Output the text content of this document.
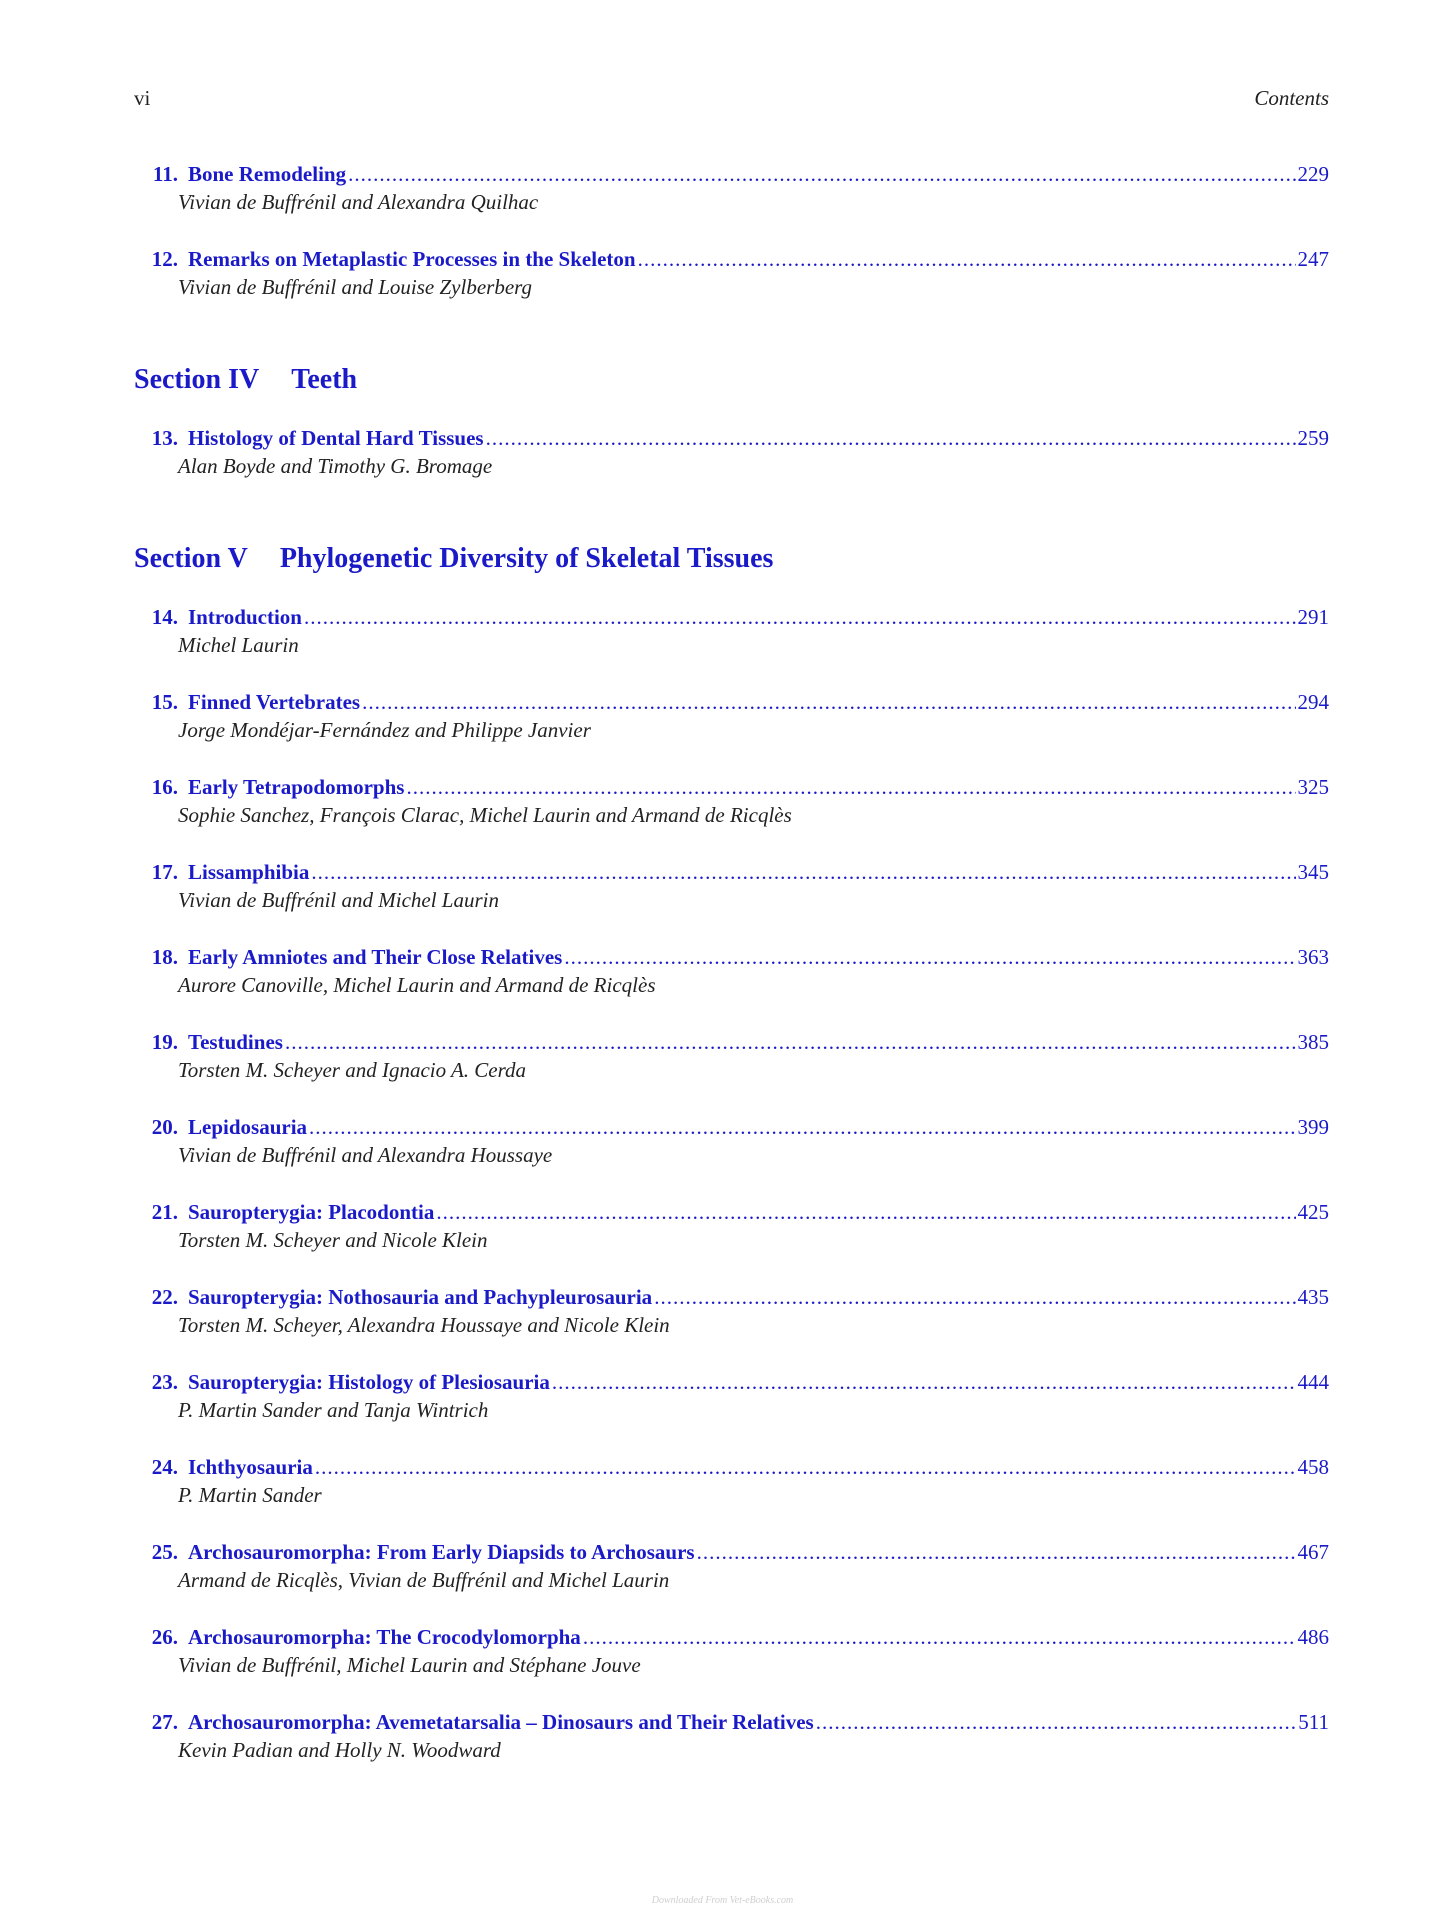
vi	Contents
11. Bone Remodeling .....	229
Vivian de Buffrénil and Alexandra Quilhac
12. Remarks on Metaplastic Processes in the Skeleton .....	247
Vivian de Buffrénil and Louise Zylberberg
Section IV Teeth
13. Histology of Dental Hard Tissues .....	259
Alan Boyde and Timothy G. Bromage
Section V Phylogenetic Diversity of Skeletal Tissues
14. Introduction .....	291
Michel Laurin
15. Finned Vertebrates .....	294
Jorge Mondéjar-Fernández and Philippe Janvier
16. Early Tetrapodomorphs .....	325
Sophie Sanchez, François Clarac, Michel Laurin and Armand de Ricqlès
17. Lissamphibia .....	345
Vivian de Buffrénil and Michel Laurin
18. Early Amniotes and Their Close Relatives .....	363
Aurore Canoville, Michel Laurin and Armand de Ricqlès
19. Testudines .....	385
Torsten M. Scheyer and Ignacio A. Cerda
20. Lepidosauria .....	399
Vivian de Buffrénil and Alexandra Houssaye
21. Sauropterygia: Placodontia .....	425
Torsten M. Scheyer and Nicole Klein
22. Sauropterygia: Nothosauria and Pachypleurosauria .....	435
Torsten M. Scheyer, Alexandra Houssaye and Nicole Klein
23. Sauropterygia: Histology of Plesiosauria .....	444
P. Martin Sander and Tanja Wintrich
24. Ichthyosauria .....	458
P. Martin Sander
25. Archosauromorpha: From Early Diapsids to Archosaurs .....	467
Armand de Ricqlès, Vivian de Buffrénil and Michel Laurin
26. Archosauromorpha: The Crocodylomorpha .....	486
Vivian de Buffrénil, Michel Laurin and Stéphane Jouve
27. Archosauromorpha: Avemetatarsalia – Dinosaurs and Their Relatives .....	511
Kevin Padian and Holly N. Woodward
Downloaded From Vet-eBooks.com
